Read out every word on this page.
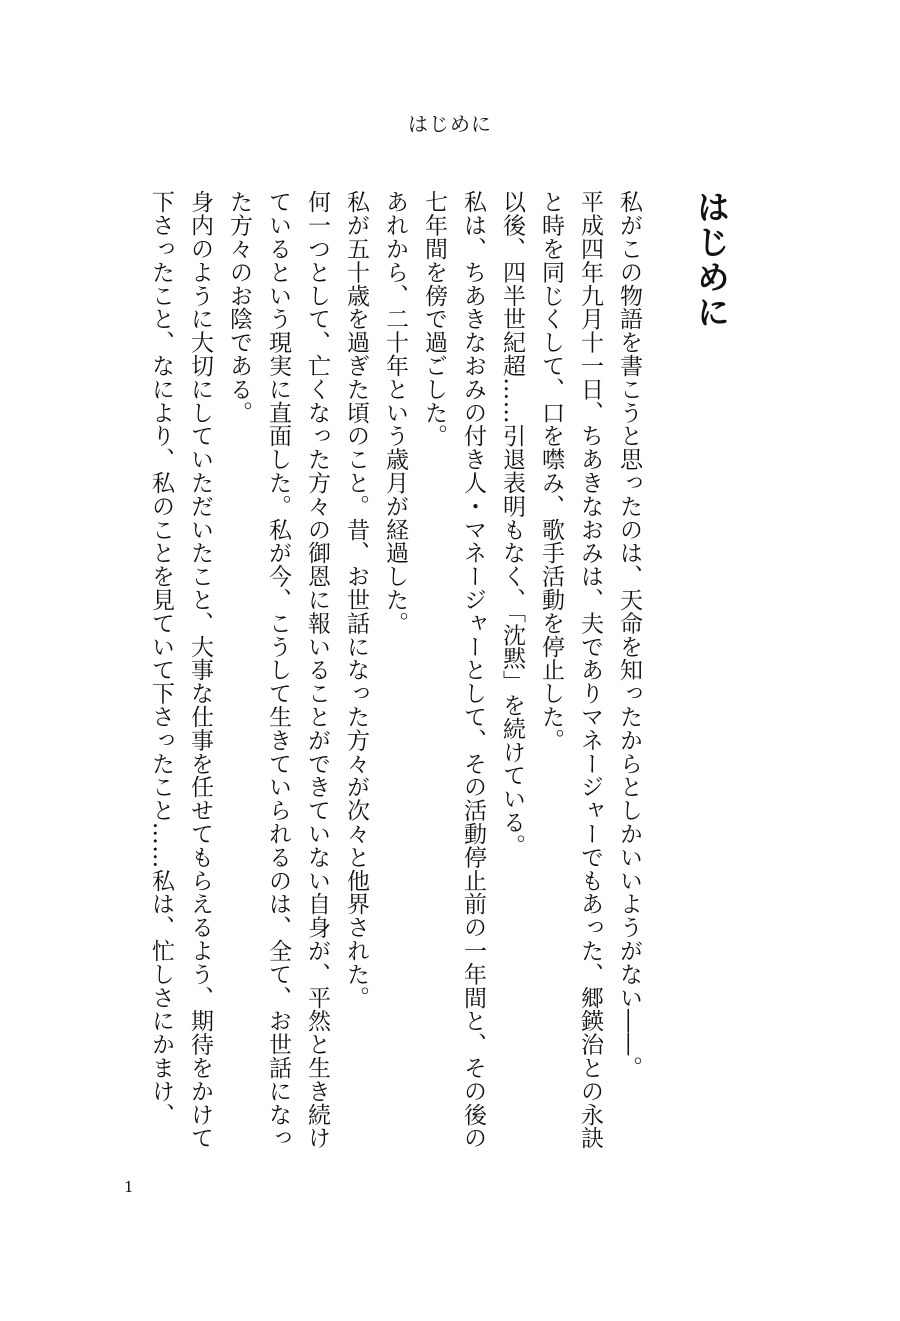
はじめに
はじめに

私がこの物語を書こうと思ったのは、天命を知ったからとしかいいようがない――。

平成四年九月十一日、ちあきなおみは、夫でありマネージャーでもあった、郷鍈治との永訣と時を同じくして、口を噤み、歌手活動を停止した。

以後、四半世紀超……引退表明もなく、「沈黙」を続けている。

私は、ちあきなおみの付き人・マネージャーとして、その活動停止前の一年間と、その後の七年間を傍で過ごした。

あれから、二十年という歳月が経過した。

私が五十歳を過ぎた頃のこと。昔、お世話になった方々が次々と他界された。

何一つとして、亡くなった方々の御恩に報いることができていない自身が、平然と生き続けているという現実に直面した。私が今、こうして生きていられるのは、全て、お世話になった方々のお陰である。

身内のように大切にしていただいたこと、大事な仕事を任せてもらえるよう、期待をかけて下さったこと、なにより、私のことを見ていて下さったこと……私は、忙しさにかまけ、

1
